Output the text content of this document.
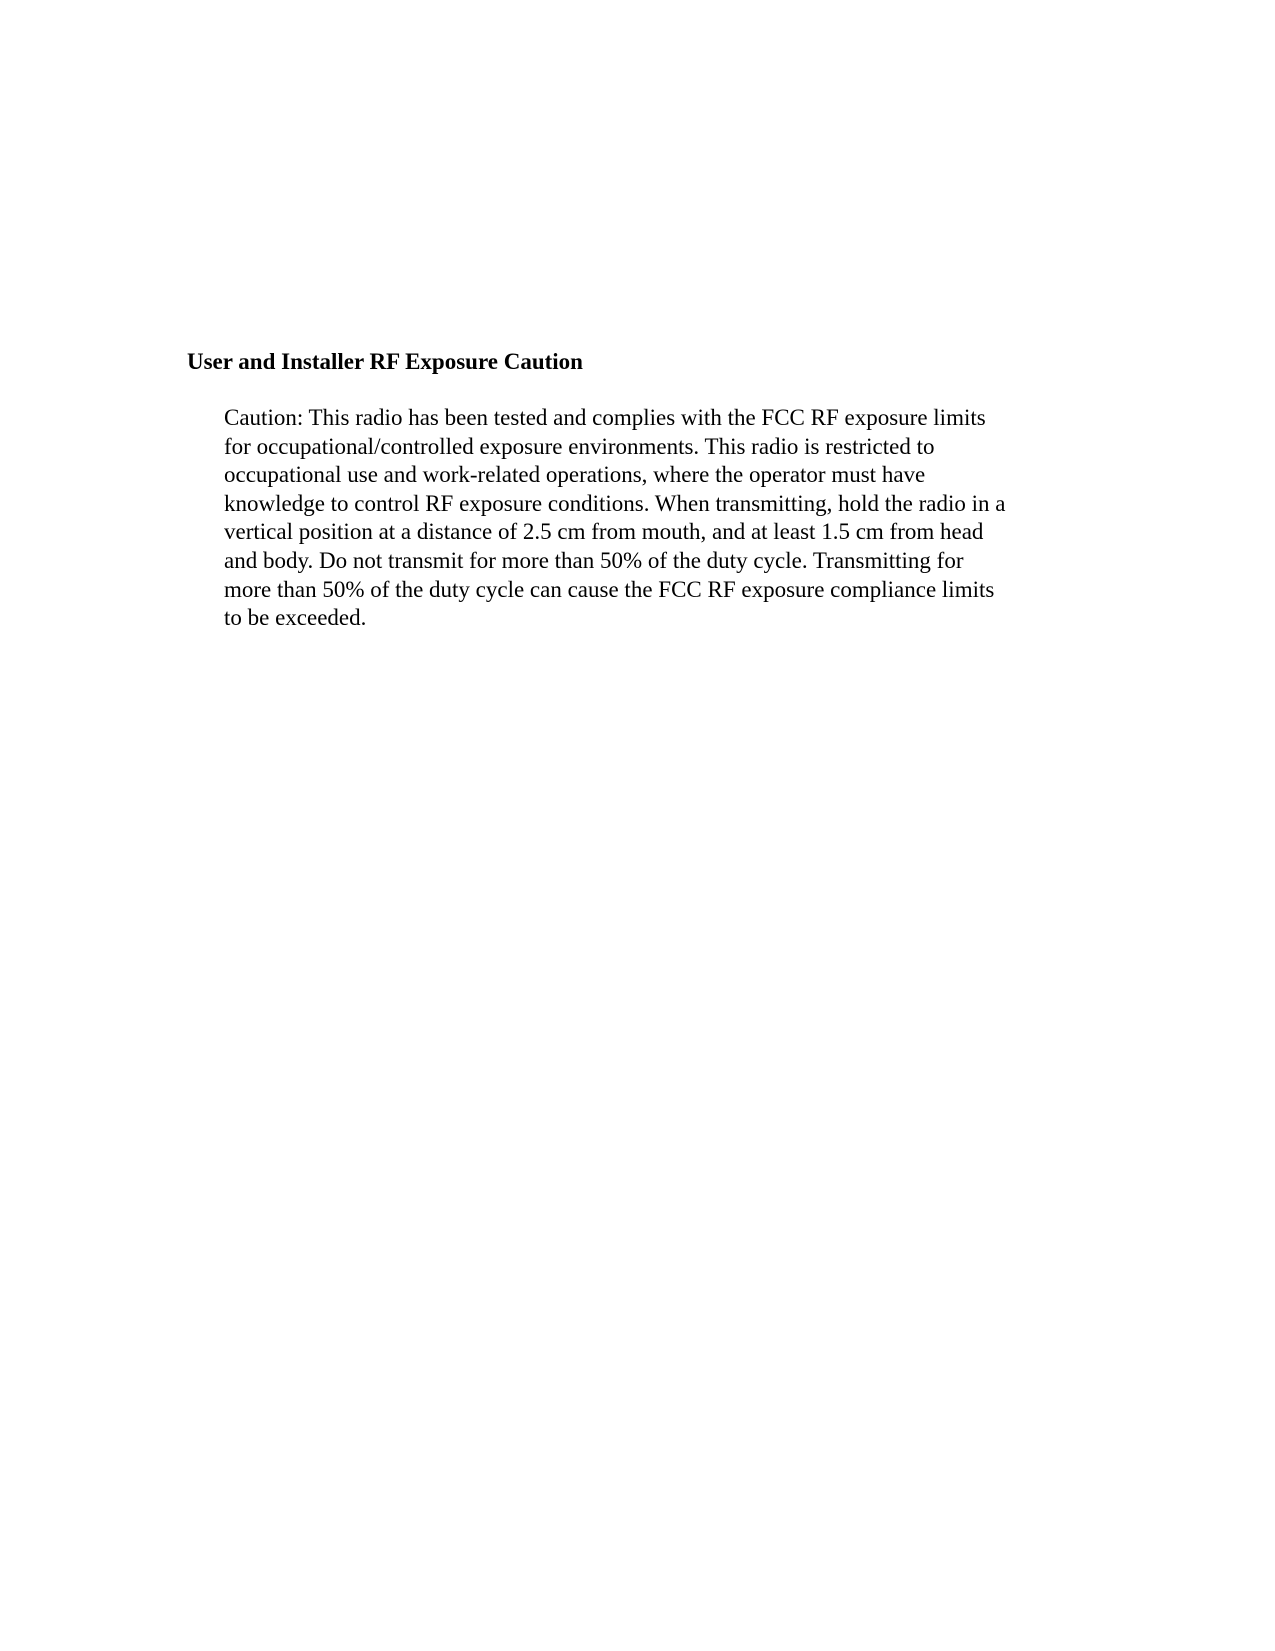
User and Installer RF Exposure Caution
Caution: This radio has been tested and complies with the FCC RF exposure limits
for occupational/controlled exposure environments. This radio is restricted to
occupational use and work-related operations, where the operator must have
knowledge to control RF exposure conditions. When transmitting, hold the radio in a
vertical position at a distance of 2.5 cm from mouth, and at least 1.5 cm from head
and body. Do not transmit for more than 50% of the duty cycle. Transmitting for
more than 50% of the duty cycle can cause the FCC RF exposure compliance limits
to be exceeded.
